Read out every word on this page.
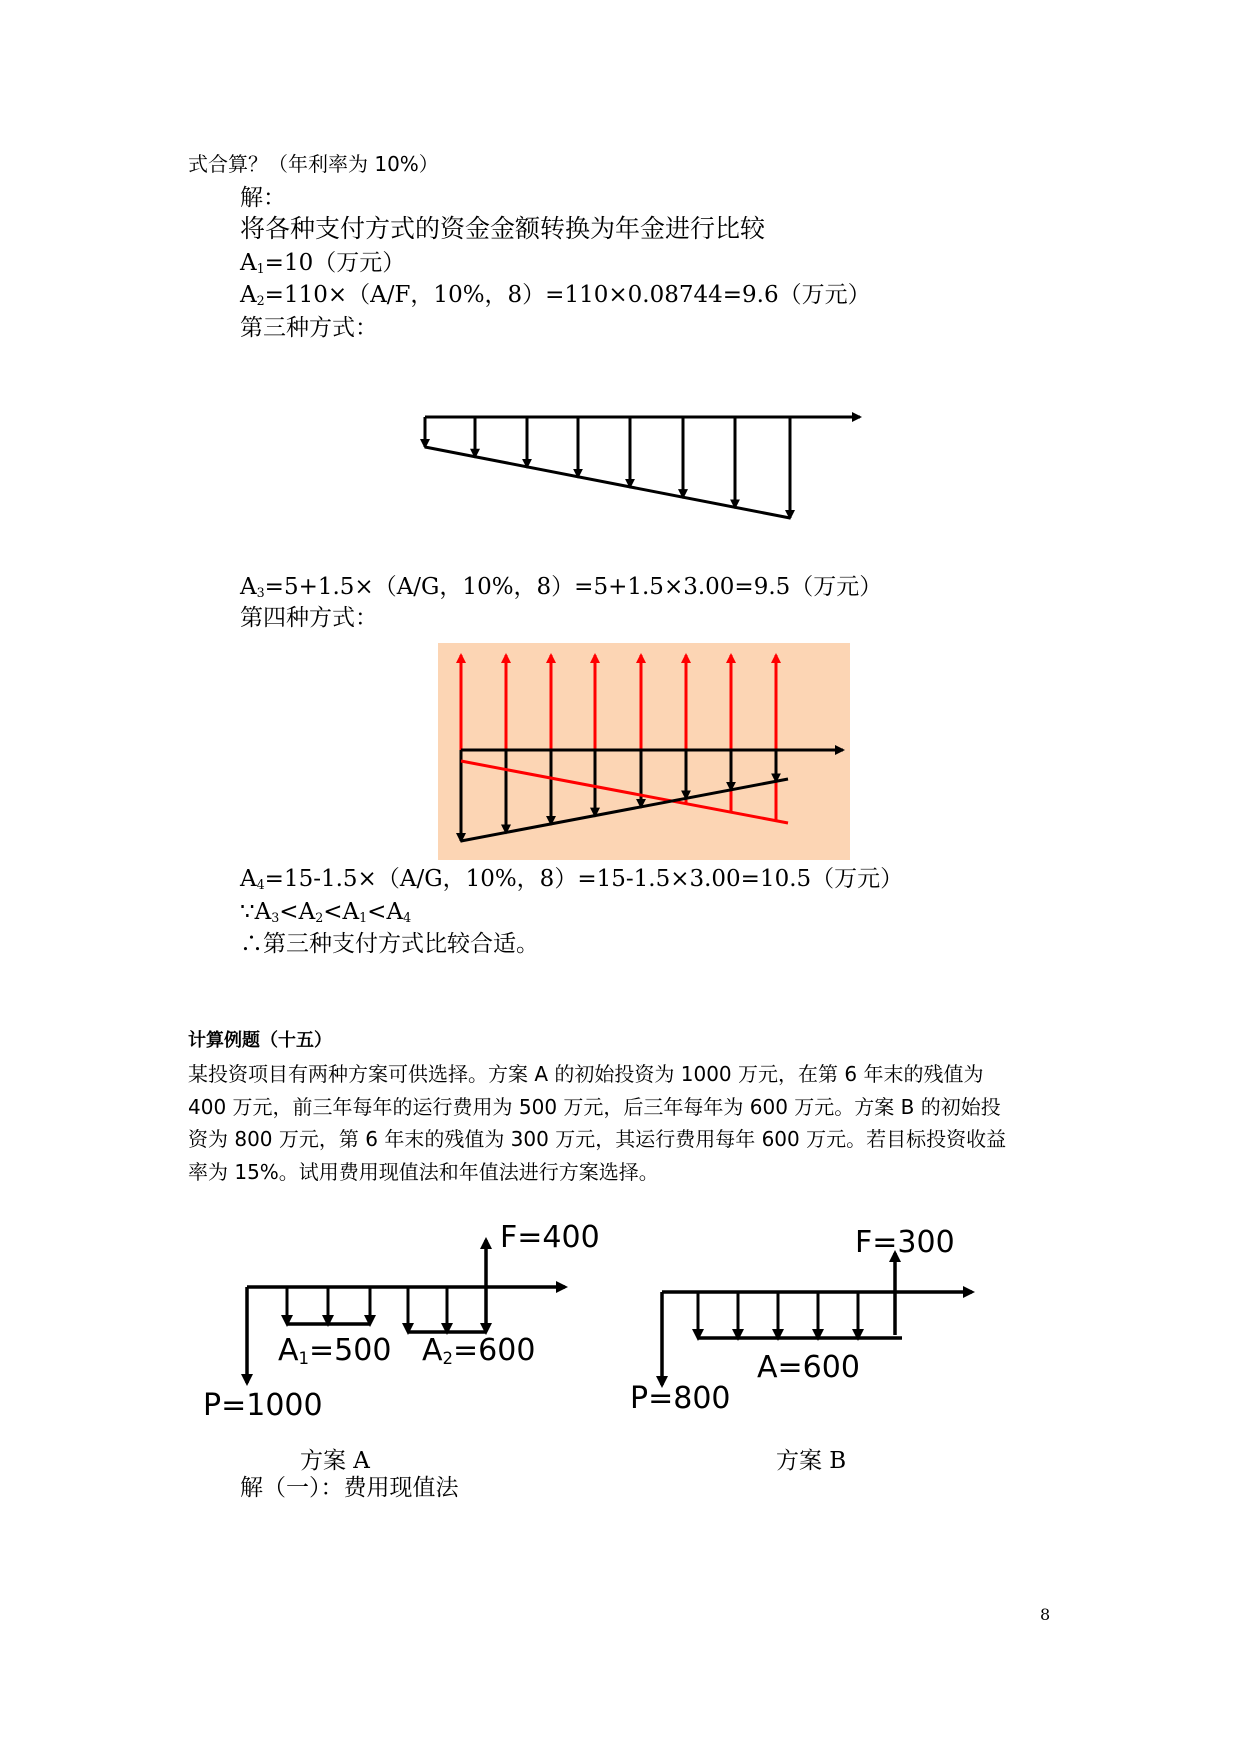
式合算？（年利率为 10%）
解：
将各种支付方式的资金金额转换为年金进行比较
$A_1=10$（万元）
$A_2=110\times(A/F$，10%，8）=110×0.08744=9.6（万元）
第三种方式：
$A_3=5+1.5\times(A/G$，10%，8）=5+1.5×3.00=9.5（万元）
第四种方式：
$A_4=15-1.5\times(A/G$，10%，8）=15-1.5×3.00=10.5（万元）
$\because A_3<A_2<A_1<A_4$
∴第三种支付方式比较合适。
计算例题（十五）
某投资项目有两种方案可供选择。方案 A 的初始投资为 1000 万元，在第 6 年末的残值为
400 万元，前三年每年的运行费用为 500 万元，后三年每年为 600 万元。方案 B 的初始投
资为 800 万元，第 6 年末的残值为 300 万元，其运行费用每年 600 万元。若目标投资收益
率为 15%。试用费用现值法和年值法进行方案选择。
F=400
$A_1=500$ $A_2=600$
P=1000
方案 A
F=300
A=600
P=800
方案 B
解（一）：费用现值法
8
